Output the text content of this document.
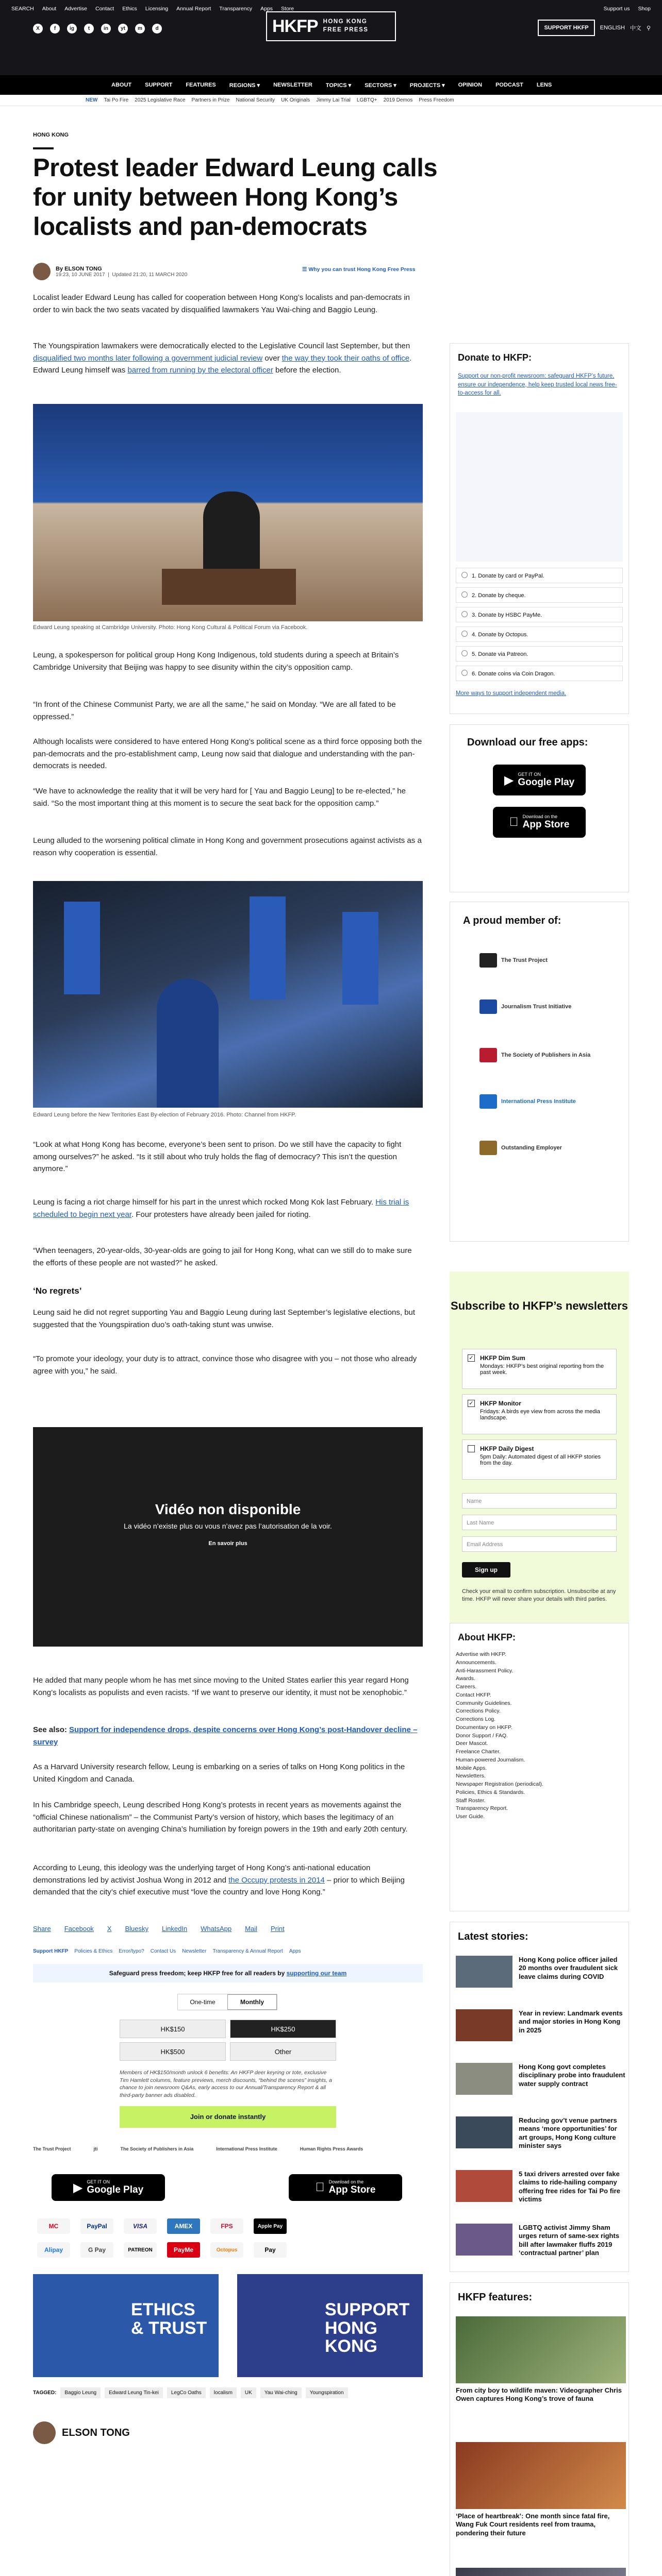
SEARCH About Advertise Contact Ethics Licensing Annual Report Transparency Apps Store	Support us Shop
X	f	ig	t	in	yt	m	d	HKFP HONG KONG
FREE PRESS	SUPPORT HKFP	ENGLISH 中文 ⚲
ABOUT SUPPORT FEATURES REGIONS ▾ NEWSLETTER TOPICS ▾ SECTORS ▾ PROJECTS ▾ OPINION PODCAST LENS
NEW Tai Po Fire 2025 Legislative Race Partners in Prize National Security UK Originals Jimmy Lai Trial LGBTQ+ 2019 Demos Press Freedom
HONG KONG
Protest leader Edward Leung calls for unity between Hong Kong’s localists and pan-democrats
By ELSON TONG
19:23, 10 JUNE 2017  |  Updated 21:20, 11 MARCH 2020
☰ Why you can trust Hong Kong Free Press

Localist leader Edward Leung has called for cooperation between Hong Kong’s localists and pan-democrats in order to win back the two seats vacated by disqualified lawmakers Yau Wai-ching and Baggio Leung.

The Youngspiration lawmakers were democratically elected to the Legislative Council last September, but then disqualified two months later following a government judicial review over the way they took their oaths of office. Edward Leung himself was barred from running by the electoral officer before the election.

Edward Leung speaking at Cambridge University. Photo: Hong Kong Cultural & Political Forum via Facebook.

Leung, a spokesperson for political group Hong Kong Indigenous, told students during a speech at Britain’s Cambridge University that Beijing was happy to see disunity within the city’s opposition camp.

“In front of the Chinese Communist Party, we are all the same,” he said on Monday. “We are all fated to be oppressed.”

Although localists were considered to have entered Hong Kong’s political scene as a third force opposing both the pan-democrats and the pro-establishment camp, Leung now said that dialogue and understanding with the pan-democrats is needed.

“We have to acknowledge the reality that it will be very hard for [ Yau and Baggio Leung] to be re-elected,” he said. “So the most important thing at this moment is to secure the seat back for the opposition camp.”

Leung alluded to the worsening political climate in Hong Kong and government prosecutions against activists as a reason why cooperation is essential.

Edward Leung before the New Territories East By-election of February 2016. Photo: Channel from HKFP.

“Look at what Hong Kong has become, everyone’s been sent to prison. Do we still have the capacity to fight among ourselves?” he asked. “Is it still about who truly holds the flag of democracy? This isn’t the question anymore.”

Leung is facing a riot charge himself for his part in the unrest which rocked Mong Kok last February. His trial is scheduled to begin next year. Four protesters have already been jailed for rioting.

“When teenagers, 20-year-olds, 30-year-olds are going to jail for Hong Kong, what can we still do to make sure the efforts of these people are not wasted?” he asked.

‘No regrets’

Leung said he did not regret supporting Yau and Baggio Leung during last September’s legislative elections, but suggested that the Youngspiration duo’s oath-taking stunt was unwise.

“To promote your ideology, your duty is to attract, convince those who disagree with you – not those who already agree with you,” he said.

Vidéo non disponible

La vidéo n’existe plus ou vous n’avez pas l’autorisation de la voir.

En savoir plus

He added that many people whom he has met since moving to the United States earlier this year regard Hong Kong’s localists as populists and even racists. “If we want to preserve our identity, it must not be xenophobic.”

See also: Support for independence drops, despite concerns over Hong Kong’s post-Handover decline – survey

As a Harvard University research fellow, Leung is embarking on a series of talks on Hong Kong politics in the United Kingdom and Canada.

In his Cambridge speech, Leung described Hong Kong’s protests in recent years as movements against the “official Chinese nationalism” – the Communist Party’s version of history, which bases the legitimacy of an authoritarian party-state on avenging China’s humiliation by foreign powers in the 19th and early 20th century.

According to Leung, this ideology was the underlying target of Hong Kong’s anti-national education demonstrations led by activist Joshua Wong in 2012 and the Occupy protests in 2014 – prior to which Beijing demanded that the city’s chief executive must “love the country and love Hong Kong.”

Share Facebook X Bluesky LinkedIn WhatsApp Mail Print
Support HKFP Policies & Ethics Error/typo? Contact Us Newsletter Transparency & Annual Report Apps
Safeguard press freedom; keep HKFP free for all readers by supporting our team
One-time	Monthly
HK$150	HK$250
HK$500	Other
Members of HK$150/month unlock 6 benefits: An HKFP deer keyring or tote, exclusive Tim Hamlett columns, feature previews, merch discounts, “behind the scenes” insights, a chance to join newsroom Q&As, early access to our Annual/Transparency Report & all third-party banner ads disabled.
Join or donate instantly
The Trust Project	jti	The Society of Publishers in Asia	International Press Institute	Human Rights Press Awards
▶ GET IT ON
Google Play
Download on the
App Store
MC	PayPal	VISA	AMEX	FPS	Apple Pay
Alipay	G Pay	PATREON	PayMe	Octopus	Pay
ETHICS
& TRUST
SUPPORT
HONG KONG
TAGGED:	Baggio Leung	Edward Leung Tin-kei	LegCo Oaths	localism	UK	Yau Wai-ching	Youngspiration
ELSON TONG
Donate to HKFP:
Support our non-profit newsroom: safeguard HKFP’s future, ensure our independence, help keep trusted local news free-to-access for all.
1. Donate by card or PayPal.
2. Donate by cheque.
3. Donate by HSBC PayMe.
4. Donate by Octopus.
5. Donate via Patreon.
6. Donate coins via Coin Dragon.
More ways to support independent media.
Download our free apps:
▶ GET IT ON
Google Play
Download on the
App Store
A proud member of:
The Trust Project
Journalism Trust Initiative
The Society of Publishers in Asia
International Press Institute
Outstanding Employer
Subscribe to HKFP’s newsletters
✓ HKFP Dim Sum
Mondays: HKFP’s best original reporting from the past week.
✓ HKFP Monitor
Fridays: A birds eye view from across the media landscape.
HKFP Daily Digest
5pm Daily: Automated digest of all HKFP stories from the day.
Name
Last Name
Email Address
Sign up
Check your email to confirm subscription. Unsubscribe at any time. HKFP will never share your details with third parties.
About HKFP:
Advertise with HKFP.
Announcements.
Anti-Harassment Policy.
Awards.
Careers.
Contact HKFP.
Community Guidelines.
Corrections Policy.
Corrections Log.
Documentary on HKFP.
Donor Support / FAQ.
Deer Mascot.
Freelance Charter.
Human-powered Journalism.
Mobile Apps.
Newsletters.
Newspaper Registration (periodical).
Policies, Ethics & Standards.
Staff Roster.
Transparency Report.
User Guide.
Latest stories:
Hong Kong police officer jailed 20 months over fraudulent sick leave claims during COVID
Year in review: Landmark events and major stories in Hong Kong in 2025
Hong Kong govt completes disciplinary probe into fraudulent water supply contract
Reducing gov’t venue partners means ‘more opportunities’ for art groups, Hong Kong culture minister says
5 taxi drivers arrested over fake claims to ride-hailing company offering free rides for Tai Po fire victims
LGBTQ activist Jimmy Sham urges return of same-sex rights bill after lawmaker fluffs 2019 ‘contractual partner’ plan
HKFP features:
From city boy to wildlife maven: Videographer Chris Owen captures Hong Kong’s trove of fauna
‘Place of heartbreak’: One month since fatal fire, Wang Fuk Court residents reel from trauma, pondering their future
